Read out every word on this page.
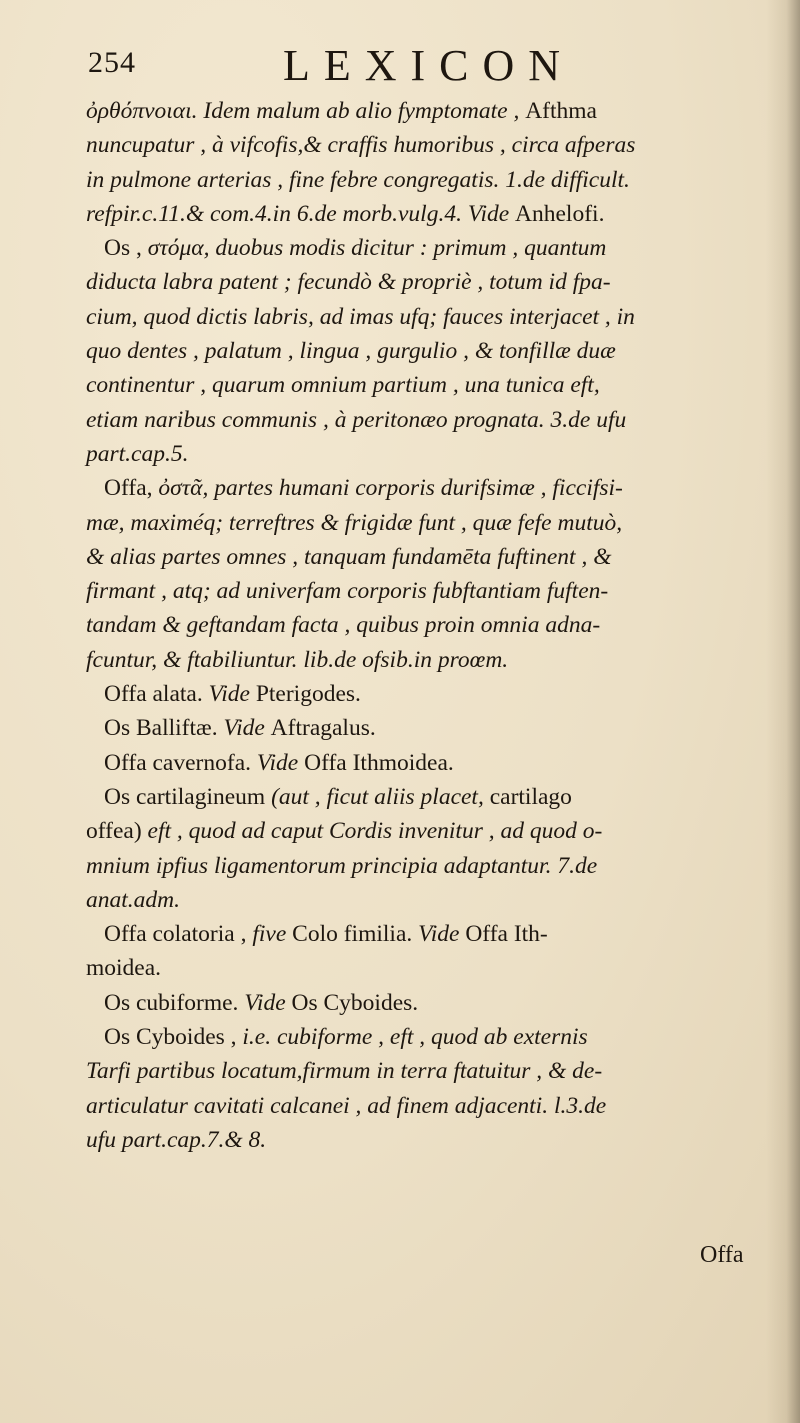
254	LEXICON
ὀρθόπνοιαι. Idem malum ab alio fymptomate , Afthma
nuncupatur , à vifcofis,& craffis humoribus , circa afperas
in pulmone arterias , fine febre congregatis. 1.de difficult.
refpir.c.11.& com.4.in 6.de morb.vulg.4. Vide Anhelofi.
Os , στόμα, duobus modis dicitur : primum , quantum
diducta labra patent ; fecundò & propriè , totum id fpa-
cium, quod dictis labris, ad imas ufq; fauces interjacet , in
quo dentes , palatum , lingua , gurgulio , & tonfillæ duæ
continentur , quarum omnium partium , una tunica eft,
etiam naribus communis , à peritonæo prognata. 3.de ufu
part.cap.5.
Offa, ὀστᾶ, partes humani corporis durifsimæ , ficcifsi-
mæ, maximéq; terreftres & frigidæ funt , quæ fefe mutuò,
& alias partes omnes , tanquam fundamēta fuftinent , &
firmant , atq; ad univerfam corporis fubftantiam fuften-
tandam & geftandam facta , quibus proin omnia adna-
fcuntur, & ftabiliuntur. lib.de ofsib.in proœm.
Offa alata. Vide Pterigodes.
Os Balliftæ. Vide Aftragalus.
Offa cavernofa. Vide Offa Ithmoidea.
Os cartilagineum (aut , ficut aliis placet, cartilago
offea) eft , quod ad caput Cordis invenitur , ad quod o-
mnium ipfius ligamentorum principia adaptantur. 7.de
anat.adm.
Offa colatoria , five Colo fimilia. Vide Offa Ith-
moidea.
Os cubiforme. Vide Os Cyboides.
Os Cyboides , i.e. cubiforme , eft , quod ab externis
Tarfi partibus locatum,firmum in terra ftatuitur , & de-
articulatur cavitati calcanei , ad finem adjacenti. l.3.de
ufu part.cap.7.& 8.
Offa
